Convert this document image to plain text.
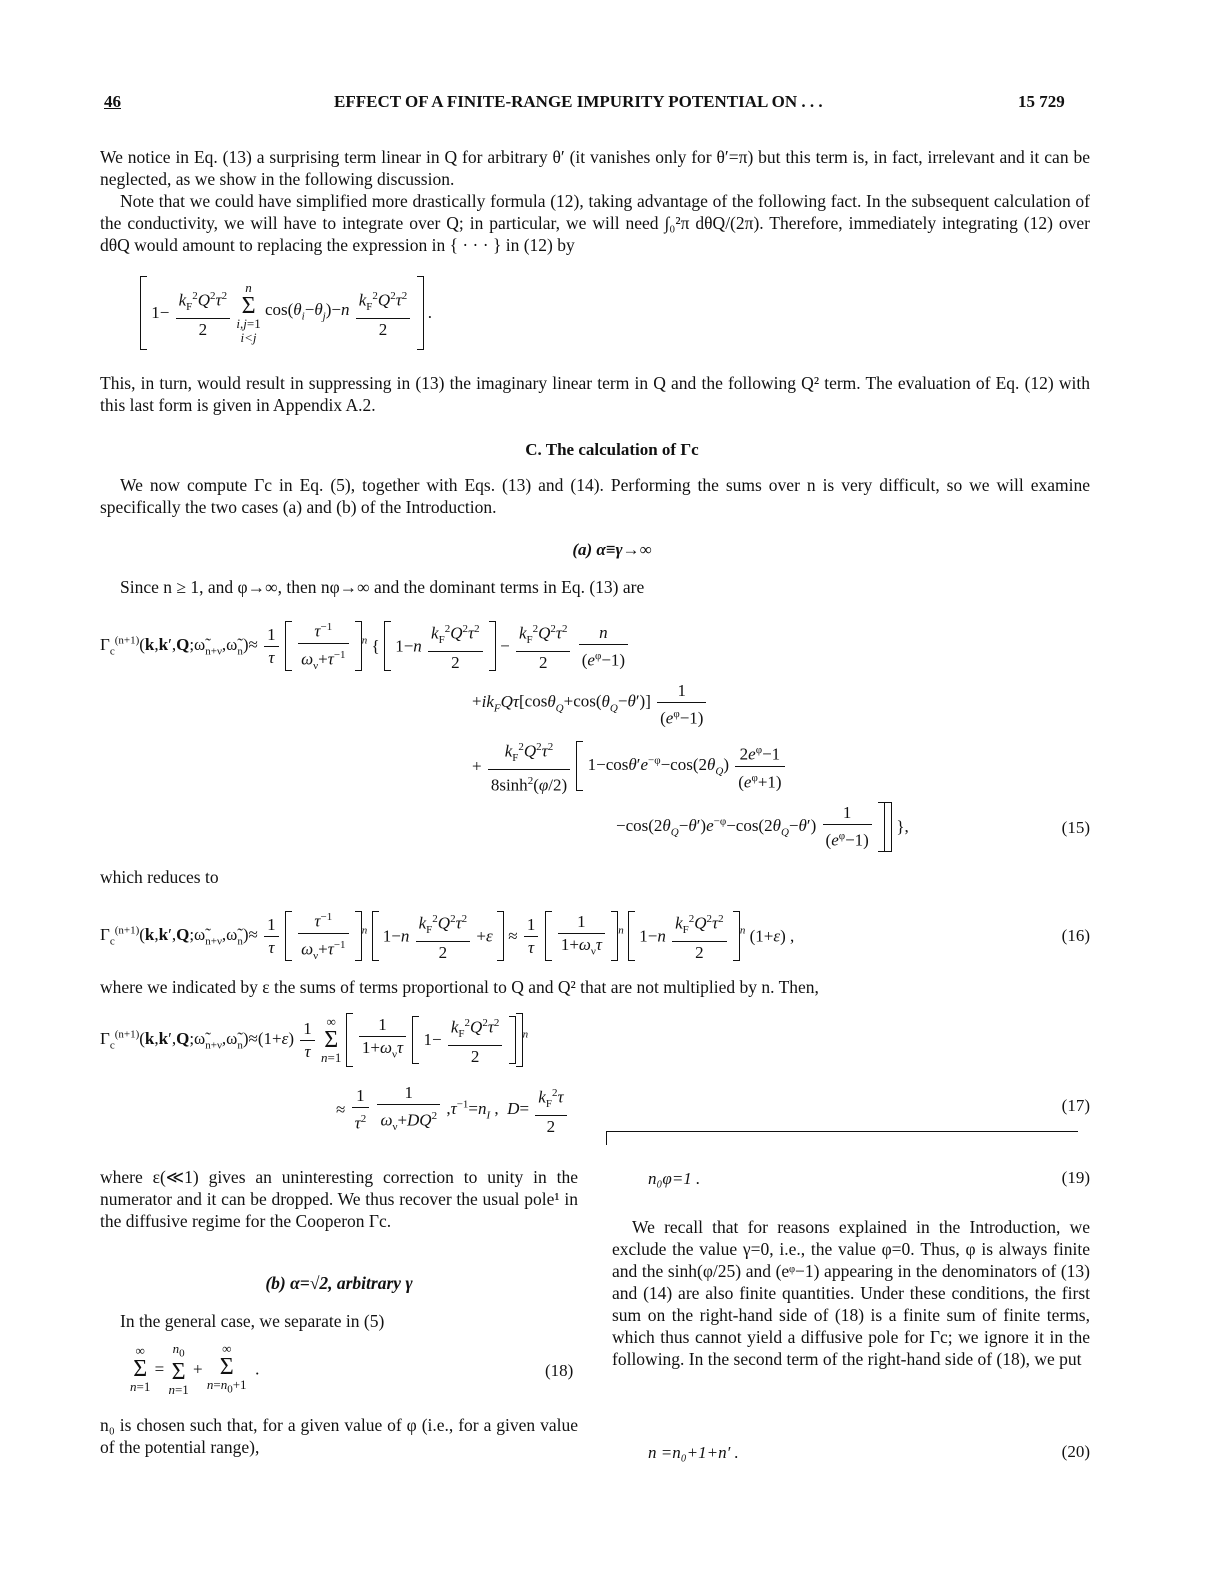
46	EFFECT OF A FINITE-RANGE IMPURITY POTENTIAL ON . . .	15 729
We notice in Eq. (13) a surprising term linear in Q for arbitrary θ′ (it vanishes only for θ′=π) but this term is, in fact, irrelevant and it can be neglected, as we show in the following discussion.
Note that we could have simplified more drastically formula (12), taking advantage of the following fact. In the subsequent calculation of the conductivity, we will have to integrate over Q; in particular, we will need ∫₀²π dθQ/(2π). Therefore, immediately integrating (12) over dθQ would amount to replacing the expression in { · · · } in (12) by
$1- \frac{k_F^2Q^2\tau^2}{2}$ n
Σ
i,j=1
i<j $\cos(\theta_i-\theta_j)-n \frac{k_F^2Q^2\tau^2}{2}$ .
This, in turn, would result in suppressing in (13) the imaginary linear term in Q and the following Q² term. The evaluation of Eq. (12) with this last form is given in Appendix A.2.
C. The calculation of Γc
We now compute Γc in Eq. (5), together with Eqs. (13) and (14). Performing the sums over n is very difficult, so we will examine specifically the two cases (a) and (b) of the Introduction.
(a) α≡γ→∞
Since n ≥ 1, and φ→∞, then nφ→∞ and the dominant terms in Eq. (13) are
$\Gamma_c^{(n+1)}(k,k',Q;\omegã_{n+\nu},\omegã_n)\approx \frac{1}{\tau}$
$\frac{\tau^{-1}}{\omega_\nu+\tau^{-1}} ^n$ { $1-n \frac{k_F^2Q^2\tau^2}{2} - \frac{k_F^2Q^2\tau^2}{2}$
$\frac{n}{(e^\varphi-1)}$
$+ik_FQ\tau[\cos\theta_Q+\cos(\theta_Q-\theta')] \frac{1}{(e^\varphi-1)}$
+ $\frac{k_F^2Q^2\tau^2}{8\sinh^2(\varphi/2)} 1-\cos\theta'e^{-\varphi}-\cos(2\theta_Q) \frac{2e^\varphi-1}{(e^\varphi+1)}$
$-\cos(2\theta_Q-\theta')e^{-\varphi}-\cos(2\theta_Q-\theta') \frac{1}{(e^\varphi-1)}$ },	(15)
which reduces to
$\Gamma_c^{(n+1)}(k,k',Q;\omegã_{n+\nu},\omegã_n)\approx \frac{1}{\tau}$
$\frac{\tau^{-1}}{\omega_\nu+\tau^{-1}} ^n$ $1-n \frac{k_F^2Q^2\tau^2}{2} +\varepsilon \approx \frac{1}{\tau}$
$\frac{1}{1+\omega_\nu\tau} ^n$ $1-n \frac{k_F^2Q^2\tau^2}{2} ^n$ (1+ε) ,	(16)
where we indicated by ε the sums of terms proportional to Q and Q² that are not multiplied by n. Then,
$\Gamma_c^{(n+1)}(k,k',Q;\omegã_{n+\nu},\omegã_n)\approx(1+\varepsilon) \frac{1}{\tau}$ ∞
Σ
$n=1 \frac{1}{1+\omega_\nu\tau} 1- \frac{k_F^2Q^2\tau^2}{2} ^n$
≈ $\frac{1}{\tau^2}$
$\frac{1}{\omega_\nu+DQ^2} ,\tau^{-1}=n_I$ ,  $D= \frac{k_F^2\tau}{2}$	(17)
where ε(≪1) gives an uninteresting correction to unity in the numerator and it can be dropped. We thus recover the usual pole¹ in the diffusive regime for the Cooperon Γc.
(b) α=√2, arbitrary γ
In the general case, we separate in (5)
∞
Σ
$n=1 = n_0$
Σ
n=1 + ∞
Σ
$n=n_0+1$  .	(18)
n₀ is chosen such that, for a given value of φ (i.e., for a given value of the potential range),
n₀φ=1 .	(19)
We recall that for reasons explained in the Introduction, we exclude the value γ=0, i.e., the value φ=0. Thus, φ is always finite and the sinh(φ/25) and (eᵠ−1) appearing in the denominators of (13) and (14) are also finite quantities. Under these conditions, the first sum on the right-hand side of (18) is a finite sum of finite terms, which thus cannot yield a diffusive pole for Γc; we ignore it in the following. In the second term of the right-hand side of (18), we put
n =n₀+1+n′ .	(20)
